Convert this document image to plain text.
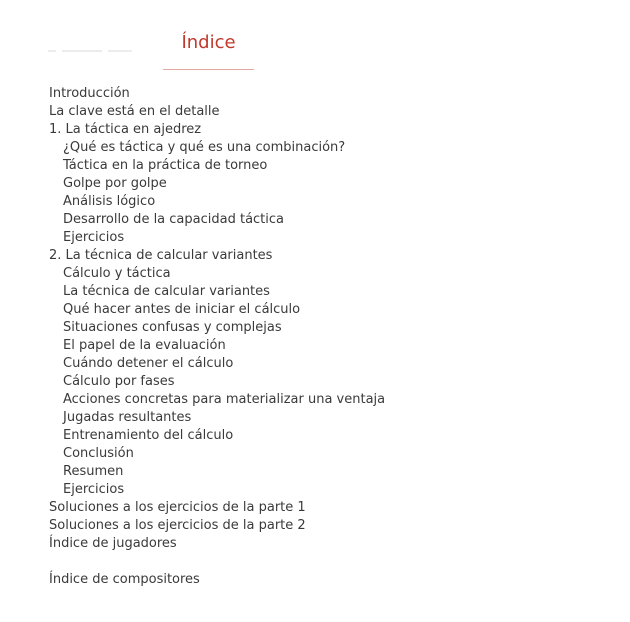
Índice
Introducción
La clave está en el detalle
1. La táctica en ajedrez
¿Qué es táctica y qué es una combinación?
Táctica en la práctica de torneo
Golpe por golpe
Análisis lógico
Desarrollo de la capacidad táctica
Ejercicios
2. La técnica de calcular variantes
Cálculo y táctica
La técnica de calcular variantes
Qué hacer antes de iniciar el cálculo
Situaciones confusas y complejas
El papel de la evaluación
Cuándo detener el cálculo
Cálculo por fases
Acciones concretas para materializar una ventaja
Jugadas resultantes
Entrenamiento del cálculo
Conclusión
Resumen
Ejercicios
Soluciones a los ejercicios de la parte 1
Soluciones a los ejercicios de la parte 2
Índice de jugadores
Índice de compositores
